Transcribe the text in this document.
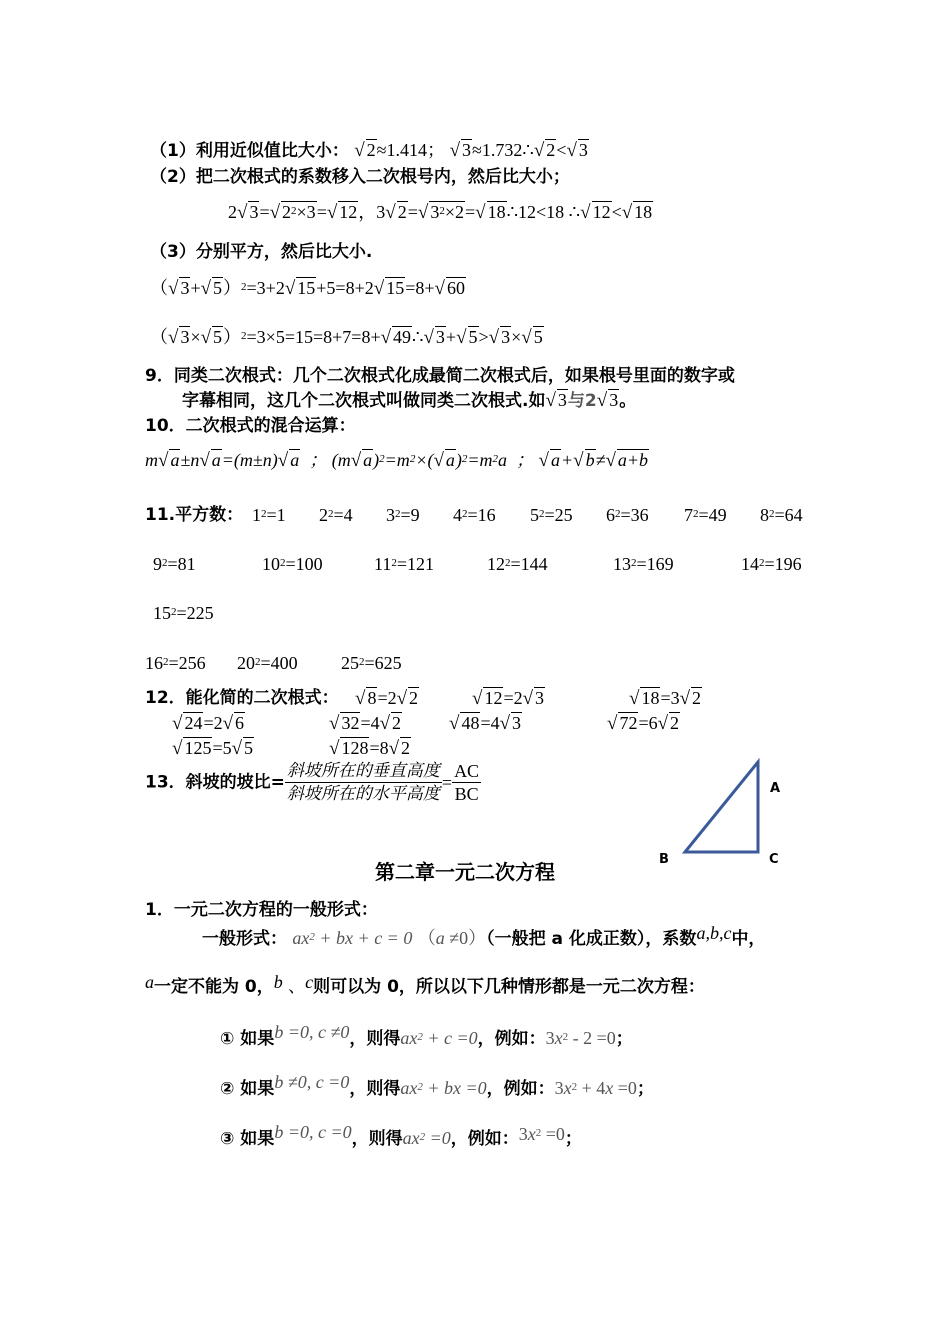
（1）利用近似值比大小： √ 2≈1.414； √ 3≈1.732∴√ 2<√ 3
（2）把二次根式的系数移入二次根号内，然后比大小；
2√ 3=√ $2^2\times 3=√$ 12，3√ 2=√ $3^2\times 2=√$ 18∴12<18 ∴√ 12<√ 18
（3）分别平方，然后比大小.
（√ 3+√ 5）$^2$=3+2√ 15+5=8+2√ 15=8+√ 60
（√ 3×√ 5）$^2$=3×5=15=8+7=8+√ 49∴√ 3+√ 5>√ 3×√ 5
9．同类二次根式：几个二次根式化成最简二次根式后，如果根号里面的数字或
字幕相同，这几个二次根式叫做同类二次根式.如√ 3与2√ 3。
10．二次根式的混合运算：
m√ a±n√ a=(m±n)√ a  ； (m√ $a)^2=m^2\times(√$ $a)^2=m^2a$  ； √ a+√ b≠√ a+b
11.平方数： $1^2=1$ $2^2=4$ $3^2=9$ $4^2=16$ $5^2=25$ $6^2=36$ $7^2=49$ $8^2=64$
$9^2=81$	$10^2=100$	$11^2=121$	$12^2=144$	$13^2=169$	$14^2=196$
$15^2=225$
$16^2=256$ $20^2=400$ $25^2=625$
12．能化简的二次根式： √ 8=2√ 2	√ 12=2√ 3	√ 18=3√ 2
√ 24=2√ 6	√ 32=4√ 2	√ 48=4√ 3	√ 72=6√ 2
√ 125=5√ 5	√ 128=8√ 2
13．斜坡的坡比= $\frac{\text{斜坡所在的垂直高度}}{\text{斜坡所在的水平高度}} = \frac{AC}{BC}$	A
B	C
第二章一元二次方程
1．一元二次方程的一般形式：
一般形式： $ax^2$ + bx + c = 0 （a ≠0）（一般把 a 化成正数），系数a,b,c中，
a一定不能为 0，b 、c则可以为 0，所以以下几种情形都是一元二次方程：
① 如果b =0, c ≠0，则得$ax^2 + c =0$，例如：$3x^2 - 2 =0$；
② 如果b ≠0, c =0，则得$ax^2$ + bx =0，例如：$3x^2 + 4x =0$；
③ 如果b =0, c =0，则得$ax^2 =0$，例如：$3x^2 =0$；
